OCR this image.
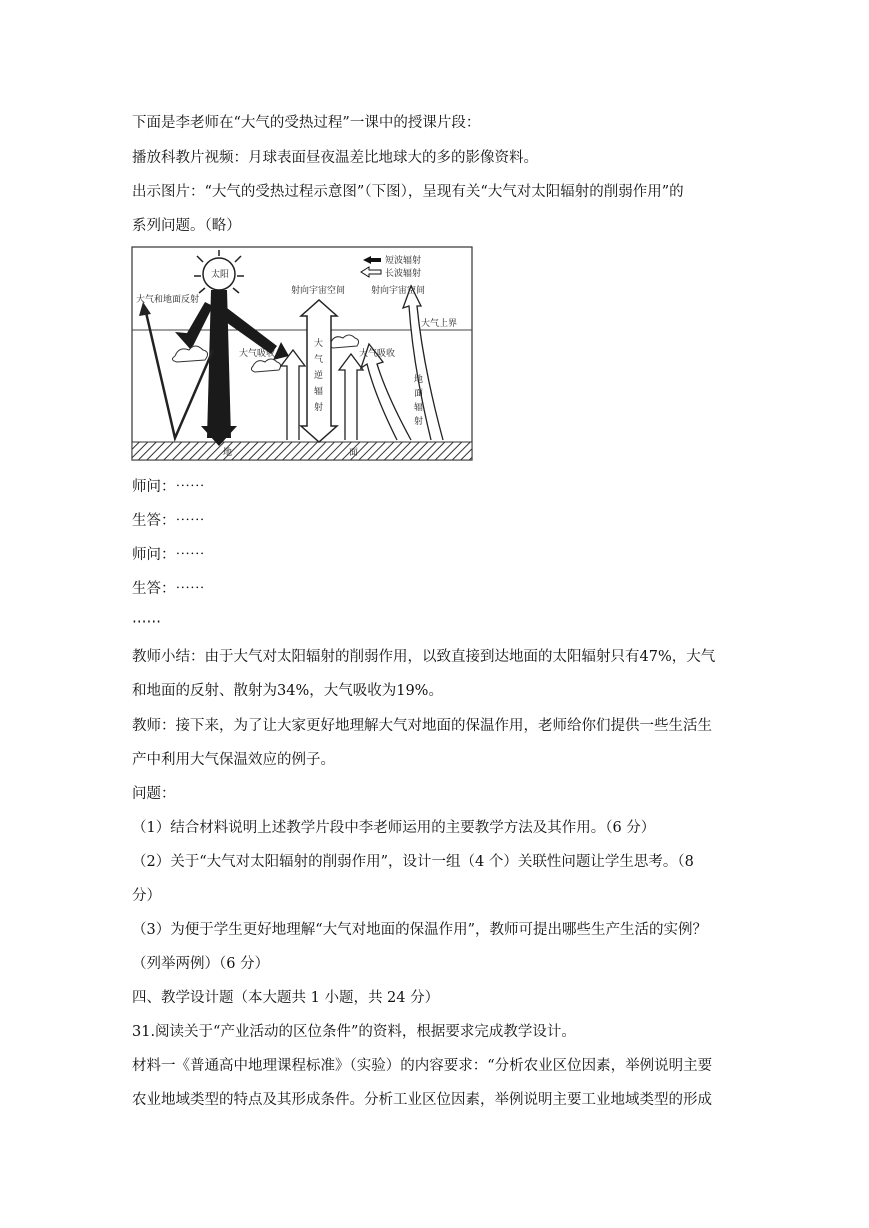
下面是李老师在“大气的受热过程”一课中的授课片段：
播放科教片视频：月球表面昼夜温差比地球大的多的影像资料。
出示图片：“大气的受热过程示意图”（下图），呈现有关“大气对太阳辐射的削弱作用”的
系列问题。（略）
太阳
短波辐射
长波辐射
射向宇宙空间	射向宇宙空间
大气和地面反射
大气上界
大气吸收	大气吸收
大
气
逆
辐
射
地
面
辐
射
地	面
师问：⋯⋯
生答：⋯⋯
师问：⋯⋯
生答：⋯⋯
⋯⋯
教师小结：由于大气对太阳辐射的削弱作用，以致直接到达地面的太阳辐射只有47%，大气
和地面的反射、散射为34%，大气吸收为19%。
教师：接下来，为了让大家更好地理解大气对地面的保温作用，老师给你们提供一些生活生
产中利用大气保温效应的例子。
问题：
（1）结合材料说明上述教学片段中李老师运用的主要教学方法及其作用。（6 分）
（2）关于“大气对太阳辐射的削弱作用”，设计一组（4 个）关联性问题让学生思考。（8
分）
（3）为便于学生更好地理解“大气对地面的保温作用”，教师可提出哪些生产生活的实例？
（列举两例）（6 分）
四、教学设计题（本大题共 1 小题，共 24 分）
31.阅读关于“产业活动的区位条件”的资料，根据要求完成教学设计。
材料一《普通高中地理课程标准》（实验）的内容要求：“分析农业区位因素，举例说明主要
农业地域类型的特点及其形成条件。分析工业区位因素，举例说明主要工业地域类型的形成
